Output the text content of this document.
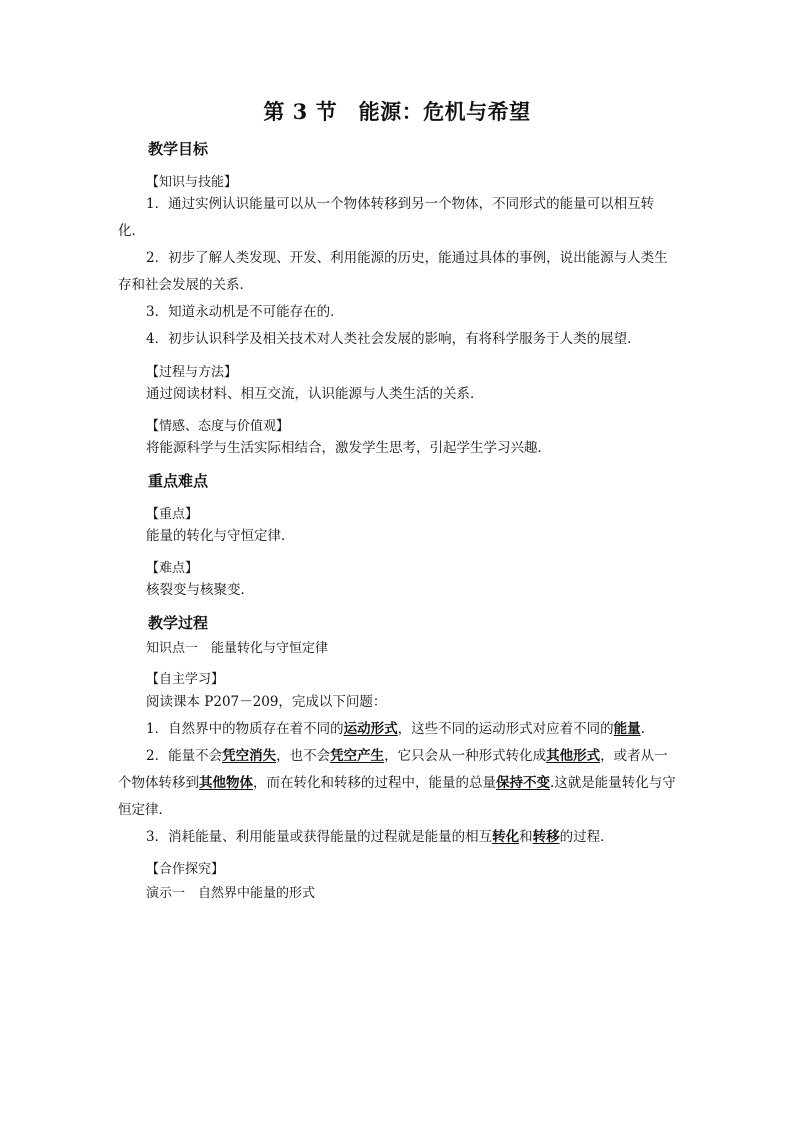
第 3 节　能源：危机与希望
教学目标
【知识与技能】
1．通过实例认识能量可以从一个物体转移到另一个物体，不同形式的能量可以相互转化．
2．初步了解人类发现、开发、利用能源的历史，能通过具体的事例，说出能源与人类生存和社会发展的关系．
3．知道永动机是不可能存在的．
4．初步认识科学及相关技术对人类社会发展的影响，有将科学服务于人类的展望．
【过程与方法】
通过阅读材料、相互交流，认识能源与人类生活的关系．
【情感、态度与价值观】
将能源科学与生活实际相结合，激发学生思考，引起学生学习兴趣．
重点难点
【重点】
能量的转化与守恒定律．
【难点】
核裂变与核聚变．
教学过程
知识点一　能量转化与守恒定律
【自主学习】
阅读课本 P207－209，完成以下问题：
1．自然界中的物质存在着不同的运动形式，这些不同的运动形式对应着不同的能量.
2．能量不会凭空消失，也不会凭空产生，它只会从一种形式转化成其他形式，或者从一个物体转移到其他物体，而在转化和转移的过程中，能量的总量保持不变.这就是能量转化与守恒定律．
3．消耗能量、利用能量或获得能量的过程就是能量的相互转化和转移的过程．
【合作探究】
演示一　自然界中能量的形式
